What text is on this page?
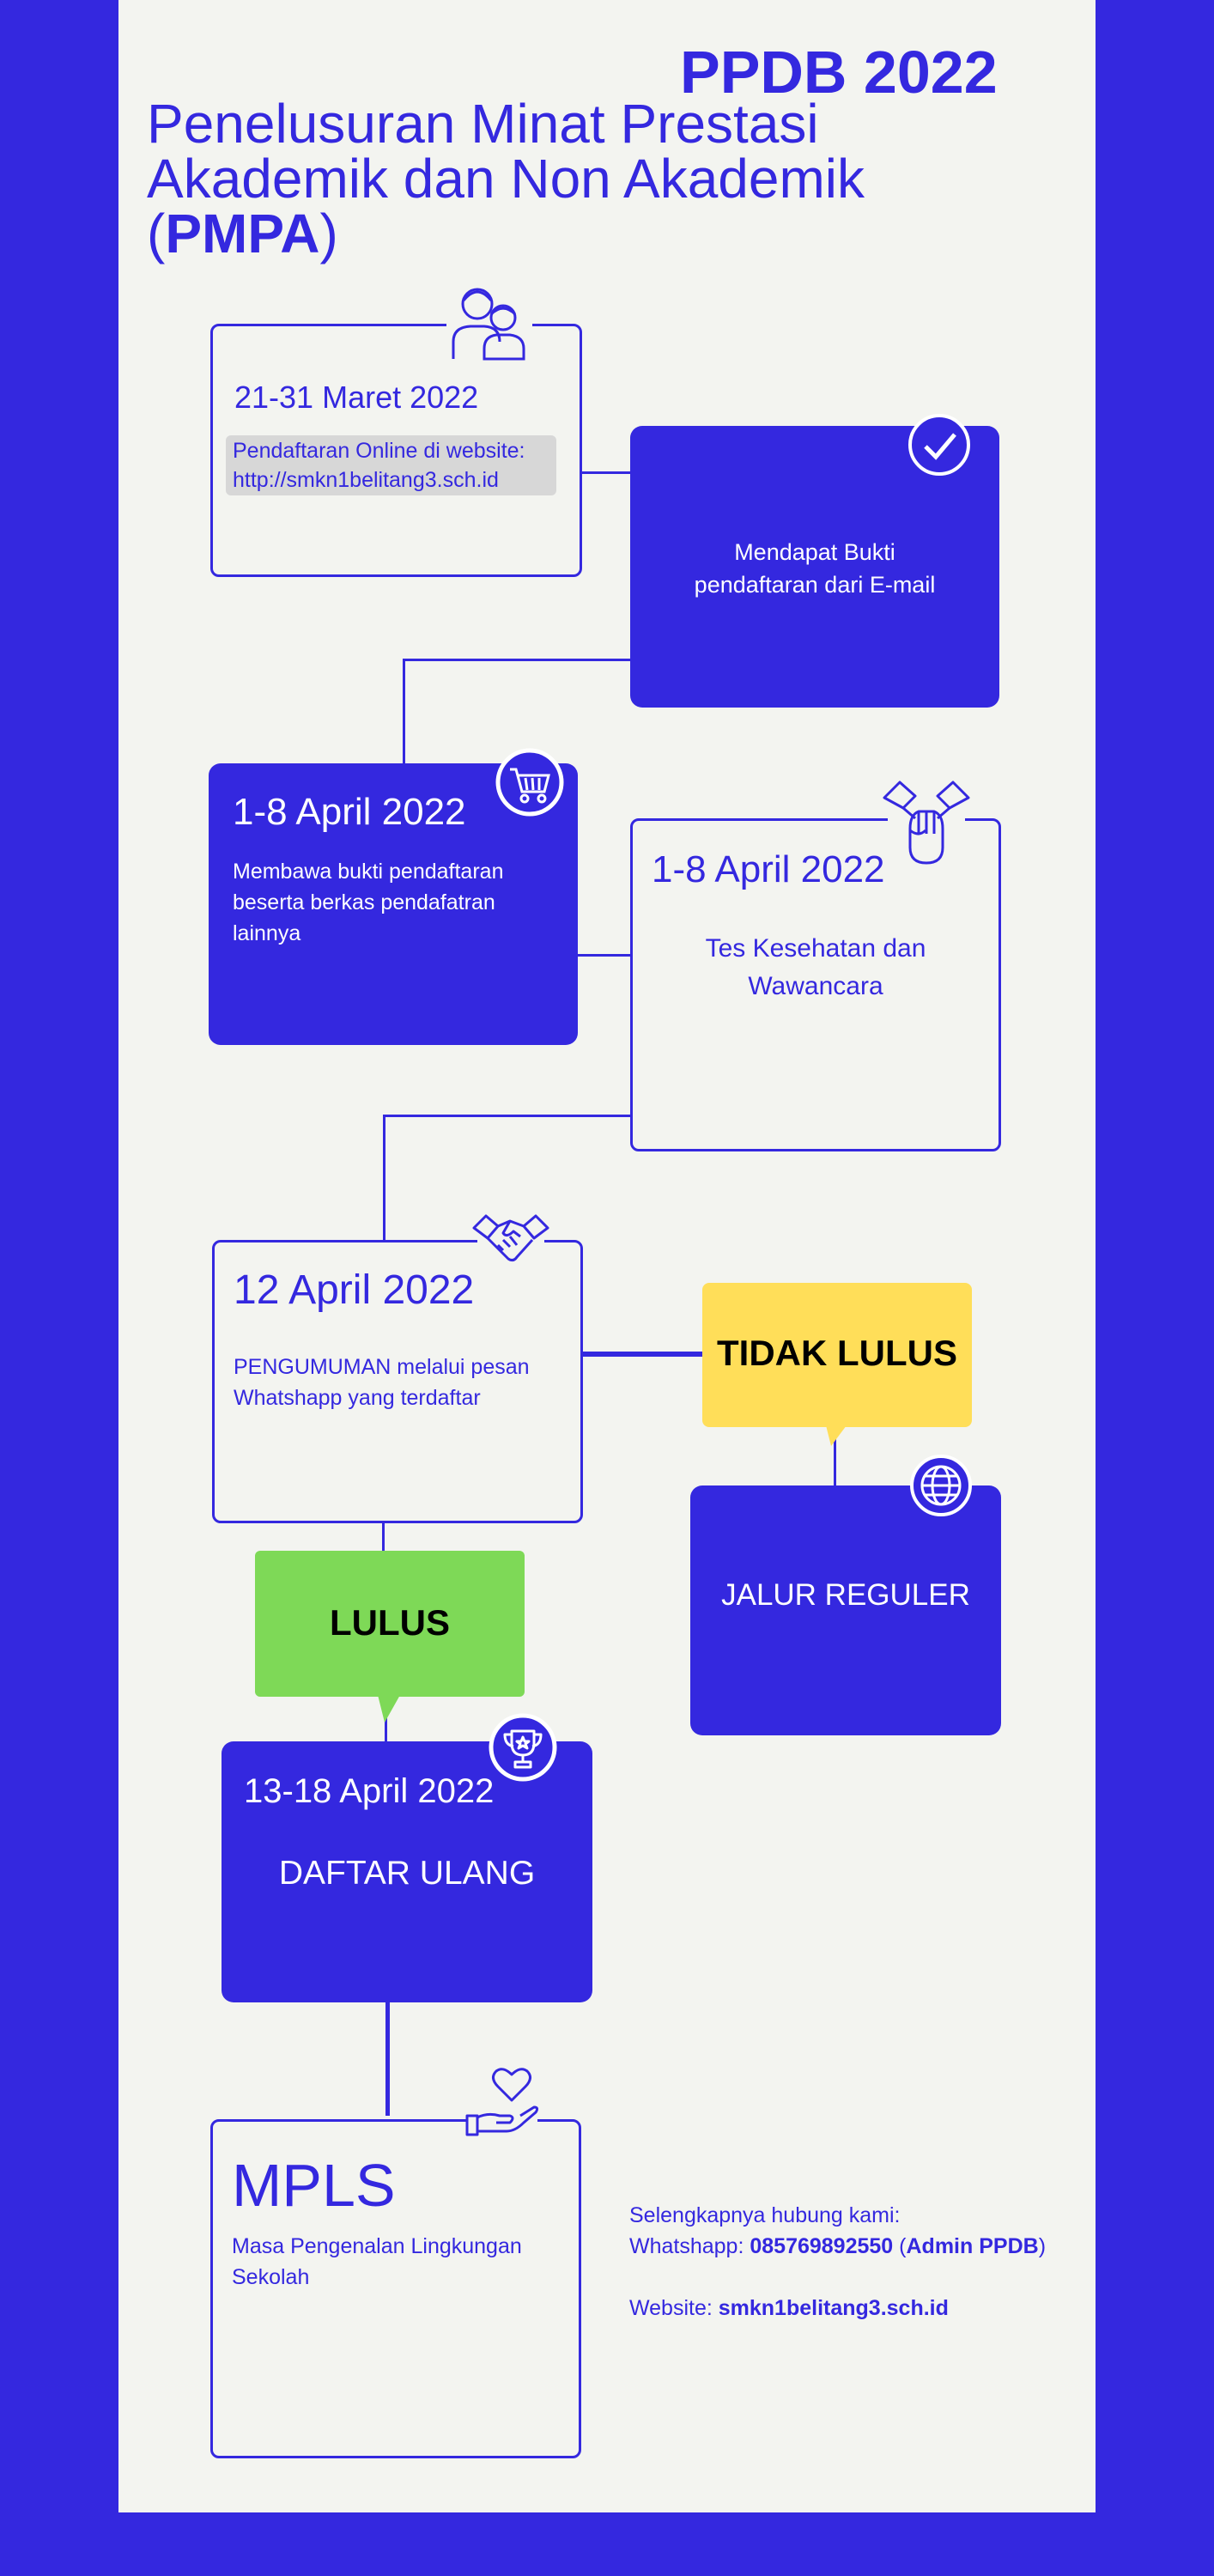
PPDB 2022
Penelusuran Minat Prestasi
Akademik dan Non Akademik
(PMPA)
21-31 Maret 2022
Pendaftaran Online di website:
http://smkn1belitang3.sch.id
Mendapat Bukti
pendaftaran dari E-mail
1-8 April 2022
Membawa bukti pendaftaran
beserta berkas pendafatran
lainnya
1-8 April 2022
Tes Kesehatan dan
Wawancara
12 April 2022
PENGUMUMAN melalui pesan
Whatshapp yang terdaftar
TIDAK LULUS
JALUR REGULER
LULUS
13-18 April 2022
DAFTAR ULANG
MPLS
Masa Pengenalan Lingkungan
Sekolah
Selengkapnya hubung kami:
Whatshapp: 085769892550 (Admin PPDB)
Website: smkn1belitang3.sch.id
